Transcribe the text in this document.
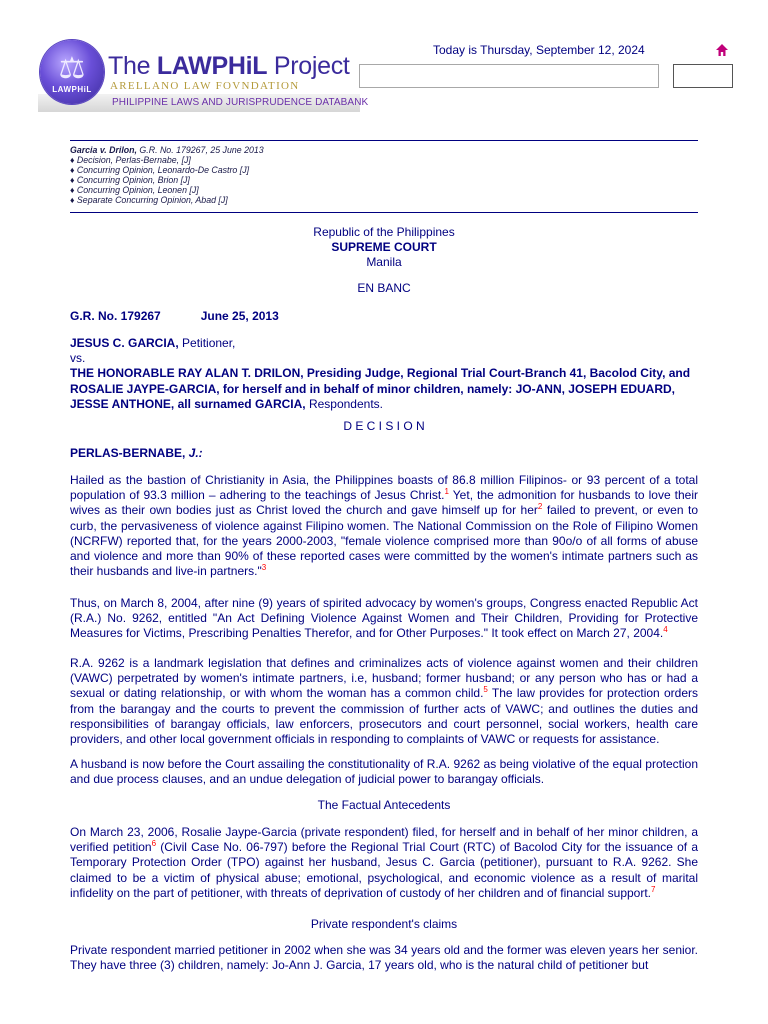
PHILIPPINE LAWS AND JURISPRUDENCE DATABANK
⚖
LAWPHiL
The LAWPHiL Project
ARELLANO LAW FOVNDATION
Today is Thursday, September 12, 2024
Garcia v. Drilon, G.R. No. 179267, 25 June 2013
♦ Decision, Perlas-Bernabe, [J]
♦ Concurring Opinion, Leonardo-De Castro [J]
♦ Concurring Opinion, Brion [J]
♦ Concurring Opinion, Leonen [J]
♦ Separate Concurring Opinion, Abad [J]
Republic of the Philippines
SUPREME COURT
Manila
EN BANC
G.R. No. 179267	June 25, 2013
JESUS C. GARCIA, Petitioner,
vs.
THE HONORABLE RAY ALAN T. DRILON, Presiding Judge, Regional Trial Court-Branch 41, Bacolod City, and ROSALIE JAYPE-GARCIA, for herself and in behalf of minor children, namely: JO-ANN, JOSEPH EDUARD, JESSE ANTHONE, all surnamed GARCIA, Respondents.
D E C I S I O N
PERLAS-BERNABE, J.:
Hailed as the bastion of Christianity in Asia, the Philippines boasts of 86.8 million Filipinos- or 93 percent of a total population of 93.3 million – adhering to the teachings of Jesus Christ.$^1$ Yet, the admonition for husbands to love their wives as their own bodies just as Christ loved the church and gave himself up for her$^2$ failed to prevent, or even to curb, the pervasiveness of violence against Filipino women. The National Commission on the Role of Filipino Women (NCRFW) reported that, for the years 2000-2003, "female violence comprised more than 90o/o of all forms of abuse and violence and more than 90% of these reported cases were committed by the women's intimate partners such as their husbands and live-in partners."$^3$
Thus, on March 8, 2004, after nine (9) years of spirited advocacy by women's groups, Congress enacted Republic Act (R.A.) No. 9262, entitled "An Act Defining Violence Against Women and Their Children, Providing for Protective Measures for Victims, Prescribing Penalties Therefor, and for Other Purposes." It took effect on March 27, 2004.$^4$
R.A. 9262 is a landmark legislation that defines and criminalizes acts of violence against women and their children (VAWC) perpetrated by women's intimate partners, i.e, husband; former husband; or any person who has or had a sexual or dating relationship, or with whom the woman has a common child.$^5$ The law provides for protection orders from the barangay and the courts to prevent the commission of further acts of VAWC; and outlines the duties and responsibilities of barangay officials, law enforcers, prosecutors and court personnel, social workers, health care providers, and other local government officials in responding to complaints of VAWC or requests for assistance.
A husband is now before the Court assailing the constitutionality of R.A. 9262 as being violative of the equal protection and due process clauses, and an undue delegation of judicial power to barangay officials.
The Factual Antecedents
On March 23, 2006, Rosalie Jaype-Garcia (private respondent) filed, for herself and in behalf of her minor children, a verified petition$^6$ (Civil Case No. 06-797) before the Regional Trial Court (RTC) of Bacolod City for the issuance of a Temporary Protection Order (TPO) against her husband, Jesus C. Garcia (petitioner), pursuant to R.A. 9262. She claimed to be a victim of physical abuse; emotional, psychological, and economic violence as a result of marital infidelity on the part of petitioner, with threats of deprivation of custody of her children and of financial support.$^7$
Private respondent's claims
Private respondent married petitioner in 2002 when she was 34 years old and the former was eleven years her senior. They have three (3) children, namely: Jo-Ann J. Garcia, 17 years old, who is the natural child of petitioner but
